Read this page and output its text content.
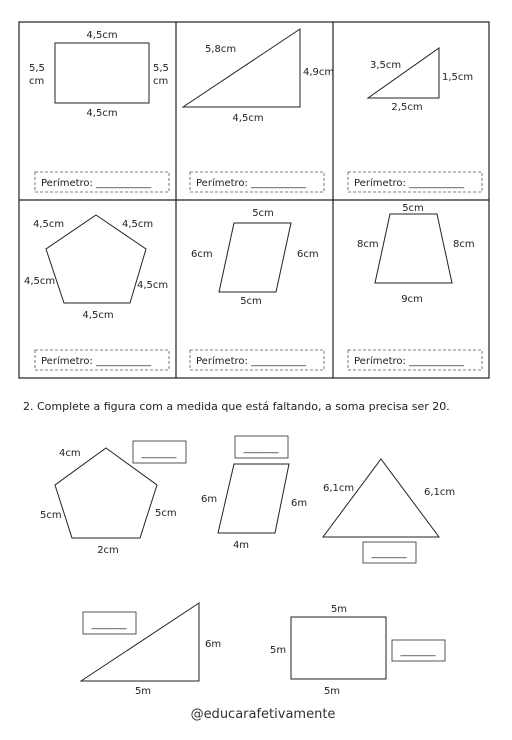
4,5cm
4,5cm
5,5
cm
5,5
cm
Perímetro: ___________
5,8cm
4,9cm
4,5cm
Perímetro: ___________
3,5cm
1,5cm
2,5cm
Perímetro: ___________
4,5cm	4,5cm
4,5cm	4,5cm
4,5cm
Perímetro: ___________
5cm
6cm	6cm
5cm
Perímetro: ___________
5cm
8cm	8cm
9cm
Perímetro: ___________
2. Complete a figura com a medida que está faltando, a soma precisa ser 20.
4cm
5cm	5cm
2cm
_______
6m	6m
4m
_______
6,1cm	6,1cm
_______
6m
5m
_______
5m
5m
5m
_______
@educarafetivamente
